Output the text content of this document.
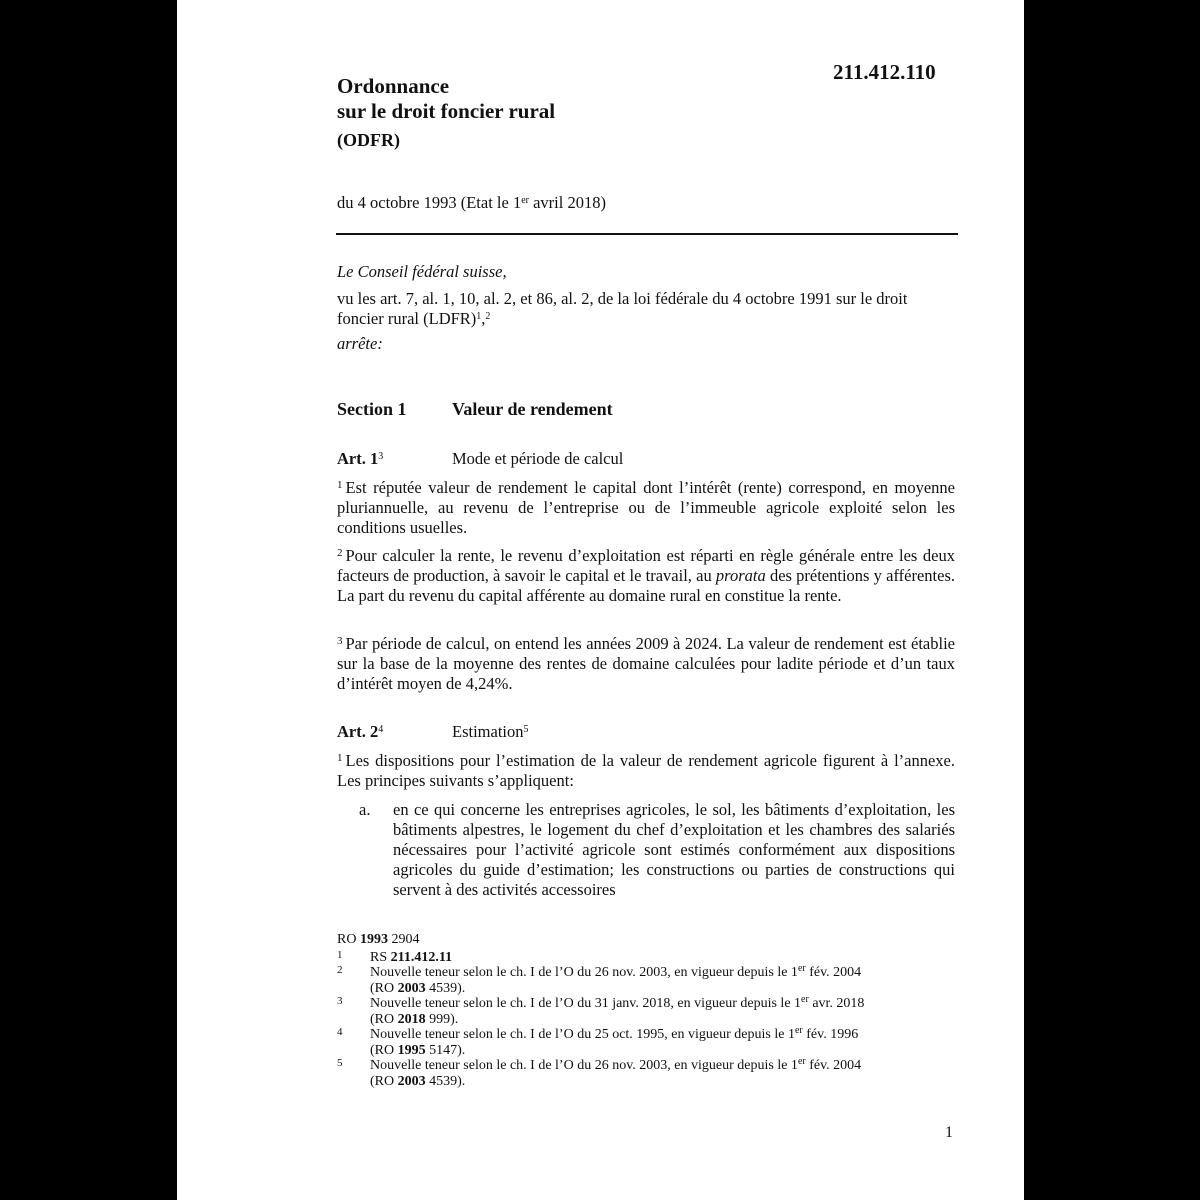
211.412.110
Ordonnance
sur le droit foncier rural
(ODFR)
du 4 octobre 1993 (Etat le 1er avril 2018)
Le Conseil fédéral suisse,
vu les art. 7, al. 1, 10, al. 2, et 86, al. 2, de la loi fédérale du 4 octobre 1991 sur le droit foncier rural (LDFR)$^1$,$^2$
arrête:
Section 1	Valeur de rendement
Art. $1^3$	Mode et période de calcul
$^1$ Est réputée valeur de rendement le capital dont l’intérêt (rente) correspond, en moyenne pluriannuelle, au revenu de l’entreprise ou de l’immeuble agricole exploité selon les conditions usuelles.
$^2$ Pour calculer la rente, le revenu d’exploitation est réparti en règle générale entre les deux facteurs de production, à savoir le capital et le travail, au prorata des prétentions y afférentes. La part du revenu du capital afférente au domaine rural en constitue la rente.
$^3$ Par période de calcul, on entend les années 2009 à 2024. La valeur de rendement est établie sur la base de la moyenne des rentes de domaine calculées pour ladite période et d’un taux d’intérêt moyen de 4,24%.
Art. $2^4$	Estimation$^5$
$^1$ Les dispositions pour l’estimation de la valeur de rendement agricole figurent à l’annexe. Les principes suivants s’appliquent:
a. en ce qui concerne les entreprises agricoles, le sol, les bâtiments d’exploitation, les bâtiments alpestres, le logement du chef d’exploitation et les chambres des salariés nécessaires pour l’activité agricole sont estimés conformément aux dispositions agricoles du guide d’estimation; les constructions ou parties de constructions qui servent à des activités accessoires
RO 1993 2904
1 RS 211.412.11
2 Nouvelle teneur selon le ch. I de l’O du 26 nov. 2003, en vigueur depuis le 1er fév. 2004
(RO 2003 4539).
3 Nouvelle teneur selon le ch. I de l’O du 31 janv. 2018, en vigueur depuis le 1er avr. 2018
(RO 2018 999).
4 Nouvelle teneur selon le ch. I de l’O du 25 oct. 1995, en vigueur depuis le 1er fév. 1996
(RO 1995 5147).
5 Nouvelle teneur selon le ch. I de l’O du 26 nov. 2003, en vigueur depuis le 1er fév. 2004
(RO 2003 4539).
1
